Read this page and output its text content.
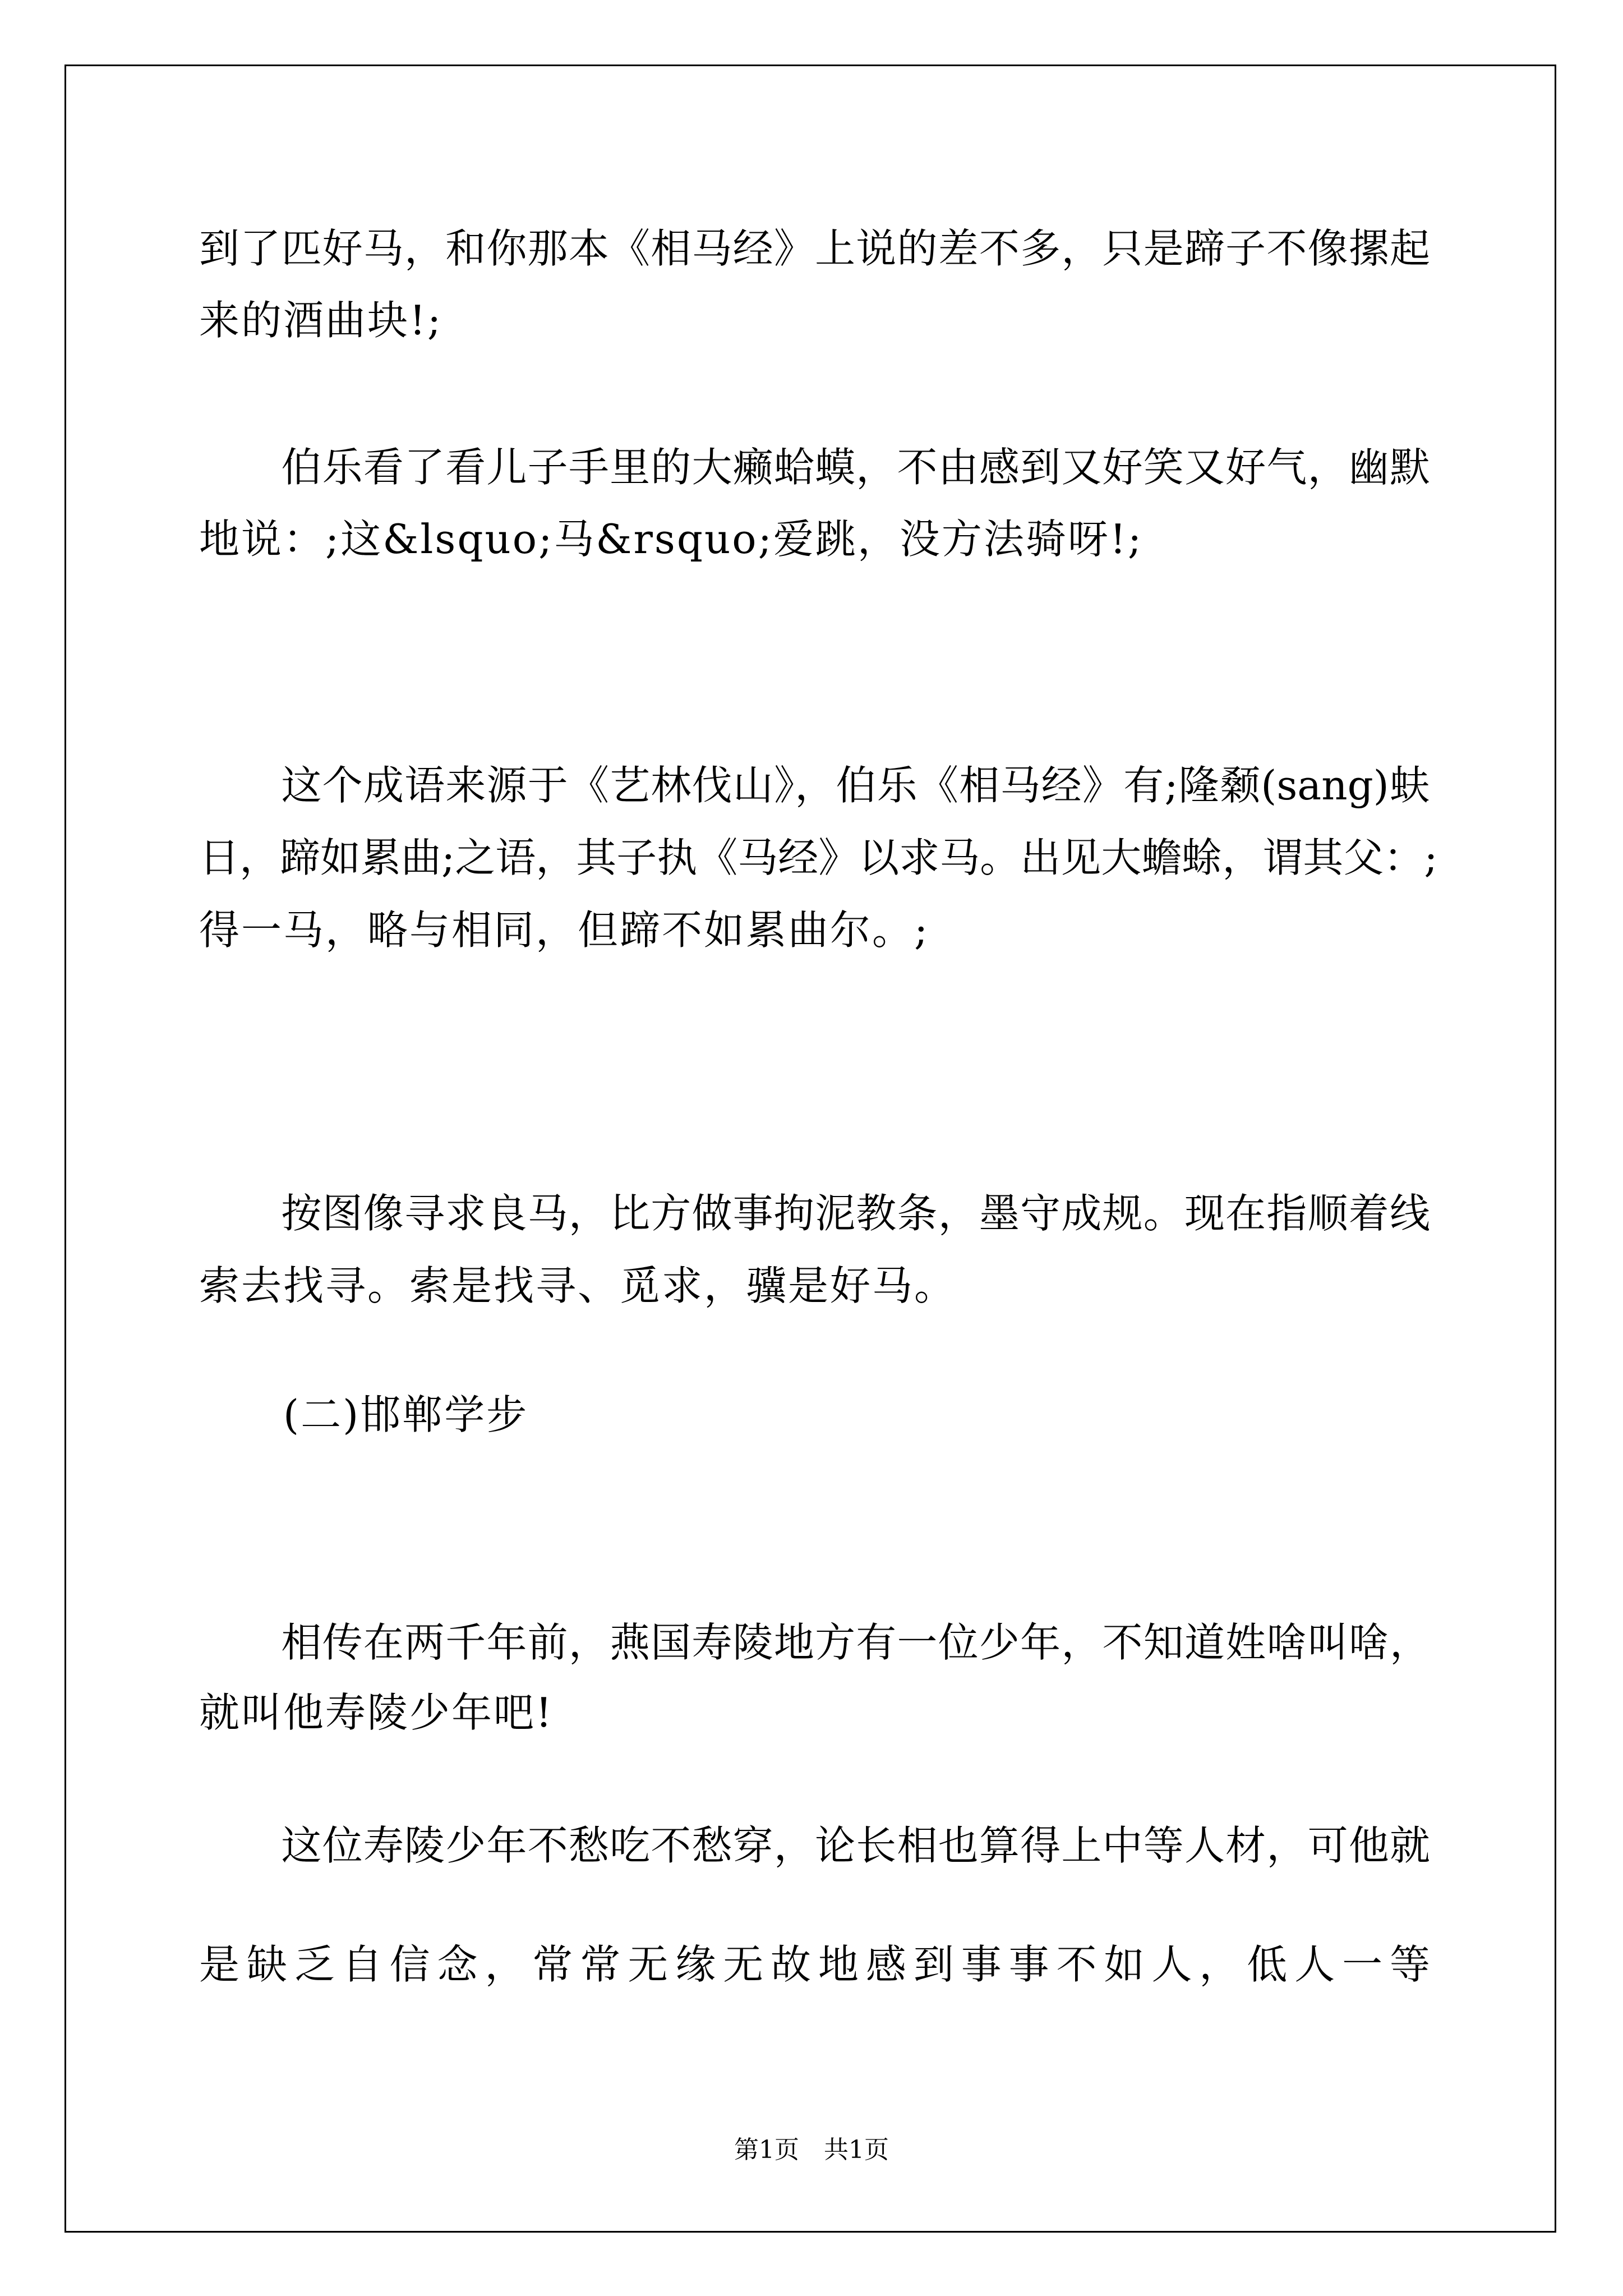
到了匹好马，和你那本《相马经》上说的差不多，只是蹄子不像摞起
来的酒曲块!;
　　伯乐看了看儿子手里的大癞蛤蟆，不由感到又好笑又好气，幽默
地说：;这&lsquo;马&rsquo;爱跳，没方法骑呀!;
　　这个成语来源于《艺林伐山》，伯乐《相马经》有;隆颡(sang)蚨
日，蹄如累曲;之语，其子执《马经》以求马。出见大蟾蜍，谓其父：;
得一马，略与相同，但蹄不如累曲尔。;
　　按图像寻求良马，比方做事拘泥教条，墨守成规。现在指顺着线
索去找寻。索是找寻、觅求，骥是好马。
　　(二)邯郸学步
　　相传在两千年前，燕国寿陵地方有一位少年，不知道姓啥叫啥，
就叫他寿陵少年吧!
　　这位寿陵少年不愁吃不愁穿，论长相也算得上中等人材，可他就
是缺乏自信念，常常无缘无故地感到事事不如人，低人一等
第1页 共1页
